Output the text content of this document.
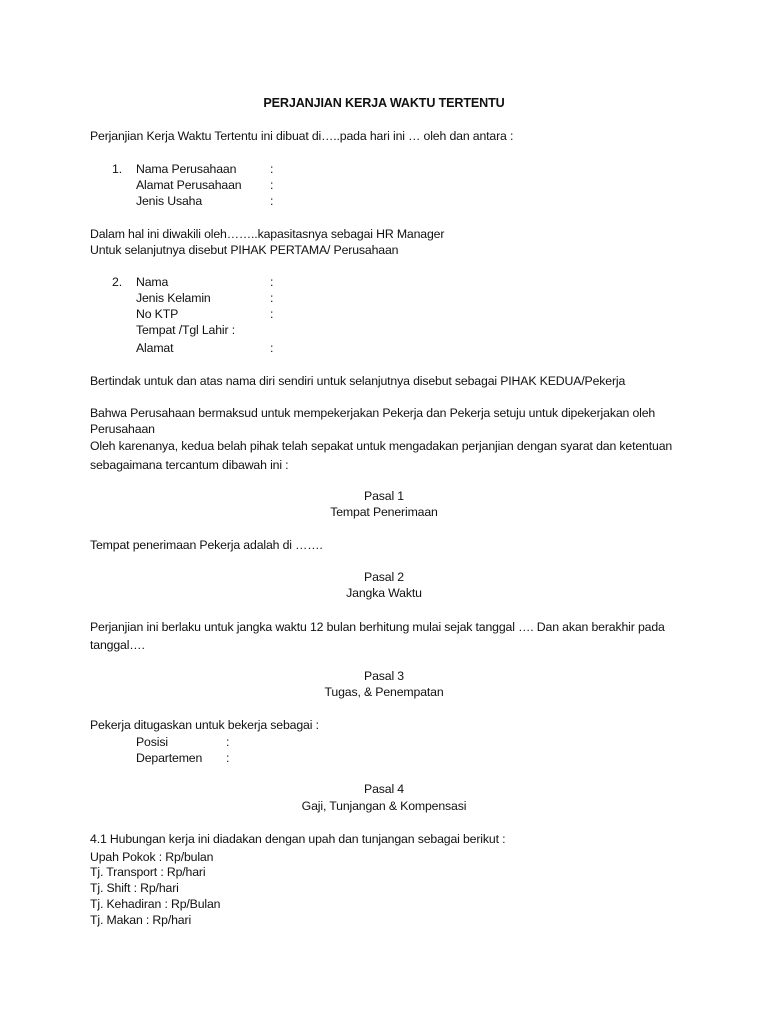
PERJANJIAN KERJA WAKTU TERTENTU
Perjanjian Kerja Waktu Tertentu ini dibuat di…..pada hari ini … oleh dan antara :
1. Nama Perusahaan	:
Alamat Perusahaan :
Jenis Usaha	:
Dalam hal ini diwakili oleh……..kapasitasnya sebagai HR Manager
Untuk selanjutnya disebut PIHAK PERTAMA/ Perusahaan
2. Nama	:
Jenis Kelamin	:
No KTP	:
Tempat /Tgl Lahir :
Alamat	:
Bertindak untuk dan atas nama diri sendiri untuk selanjutnya disebut sebagai PIHAK KEDUA/Pekerja
Bahwa Perusahaan bermaksud untuk mempekerjakan Pekerja dan Pekerja setuju untuk dipekerjakan oleh
Perusahaan
Oleh karenanya, kedua belah pihak telah sepakat untuk mengadakan perjanjian dengan syarat dan ketentuan
sebagaimana tercantum dibawah ini :
Pasal 1
Tempat Penerimaan
Tempat penerimaan Pekerja adalah di …….
Pasal 2
Jangka Waktu
Perjanjian ini berlaku untuk jangka waktu 12 bulan berhitung mulai sejak tanggal …. Dan akan berakhir pada
tanggal….
Pasal 3
Tugas, & Penempatan
Pekerja ditugaskan untuk bekerja sebagai :
Posisi	:
Departemen :
Pasal 4
Gaji, Tunjangan & Kompensasi
4.1 Hubungan kerja ini diadakan dengan upah dan tunjangan sebagai berikut :
Upah Pokok : Rp/bulan
Tj. Transport : Rp/hari
Tj. Shift : Rp/hari
Tj. Kehadiran : Rp/Bulan
Tj. Makan : Rp/hari
